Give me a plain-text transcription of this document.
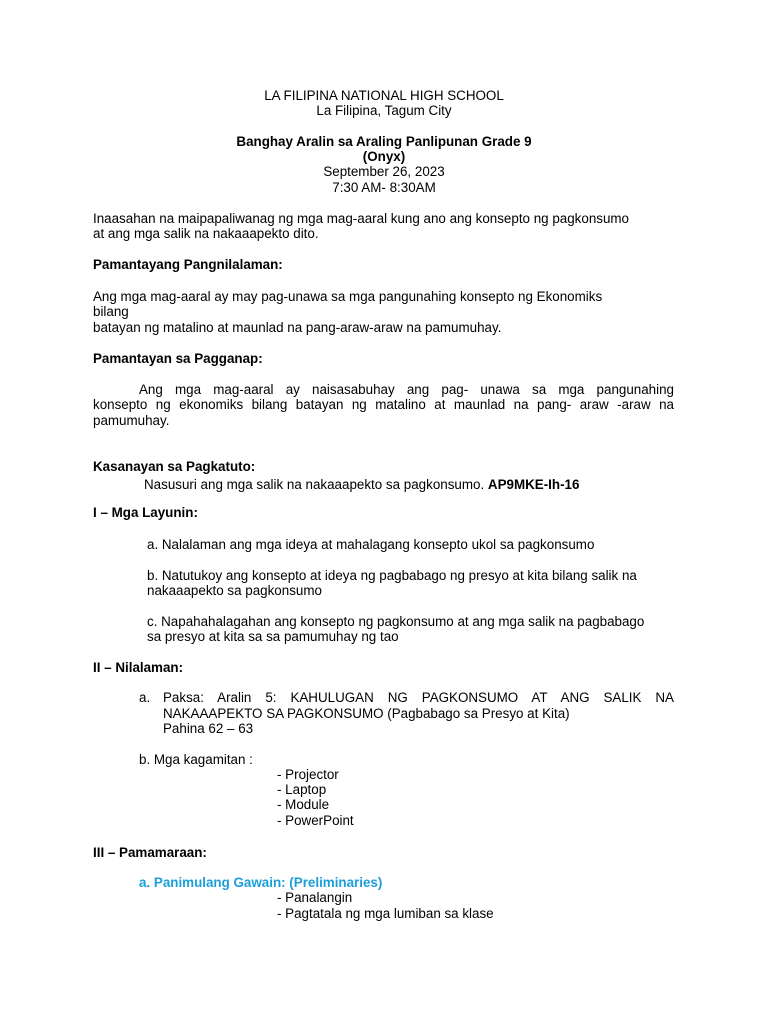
LA FILIPINA NATIONAL HIGH SCHOOL
La Filipina, Tagum City
Banghay Aralin sa Araling Panlipunan Grade 9
(Onyx)
September 26, 2023
7:30 AM- 8:30AM
Inaasahan na maipapaliwanag ng mga mag-aaral kung ano ang konsepto ng pagkonsumo
at ang mga salik na nakaaapekto dito.
Pamantayang Pangnilalaman:
Ang mga mag-aaral ay may pag-unawa sa mga pangunahing konsepto ng Ekonomiks
bilang
batayan ng matalino at maunlad na pang-araw-araw na pamumuhay.
Pamantayan sa Pagganap:
Ang mga mag-aaral ay naisasabuhay ang pag- unawa sa mga pangunahing
konsepto ng ekonomiks bilang batayan ng matalino at maunlad na pang- araw -araw na
pamumuhay.
Kasanayan sa Pagkatuto:
Nasusuri ang mga salik na nakaaapekto sa pagkonsumo. AP9MKE-Ih-16
I – Mga Layunin:
a. Nalalaman ang mga ideya at mahalagang konsepto ukol sa pagkonsumo
b. Natutukoy ang konsepto at ideya ng pagbabago ng presyo at kita bilang salik na
nakaaapekto sa pagkonsumo
c. Napahahalagahan ang konsepto ng pagkonsumo at ang mga salik na pagbabago
sa presyo at kita sa sa pamumuhay ng tao
II – Nilalaman:
a. Paksa: Aralin 5: KAHULUGAN NG PAGKONSUMO AT ANG SALIK NA
NAKAAAPEKTO SA PAGKONSUMO (Pagbabago sa Presyo at Kita)
Pahina 62 – 63
b. Mga kagamitan :
- Projector
- Laptop
- Module
- PowerPoint
III – Pamamaraan:
a. Panimulang Gawain: (Preliminaries)
- Panalangin
- Pagtatala ng mga lumiban sa klase
